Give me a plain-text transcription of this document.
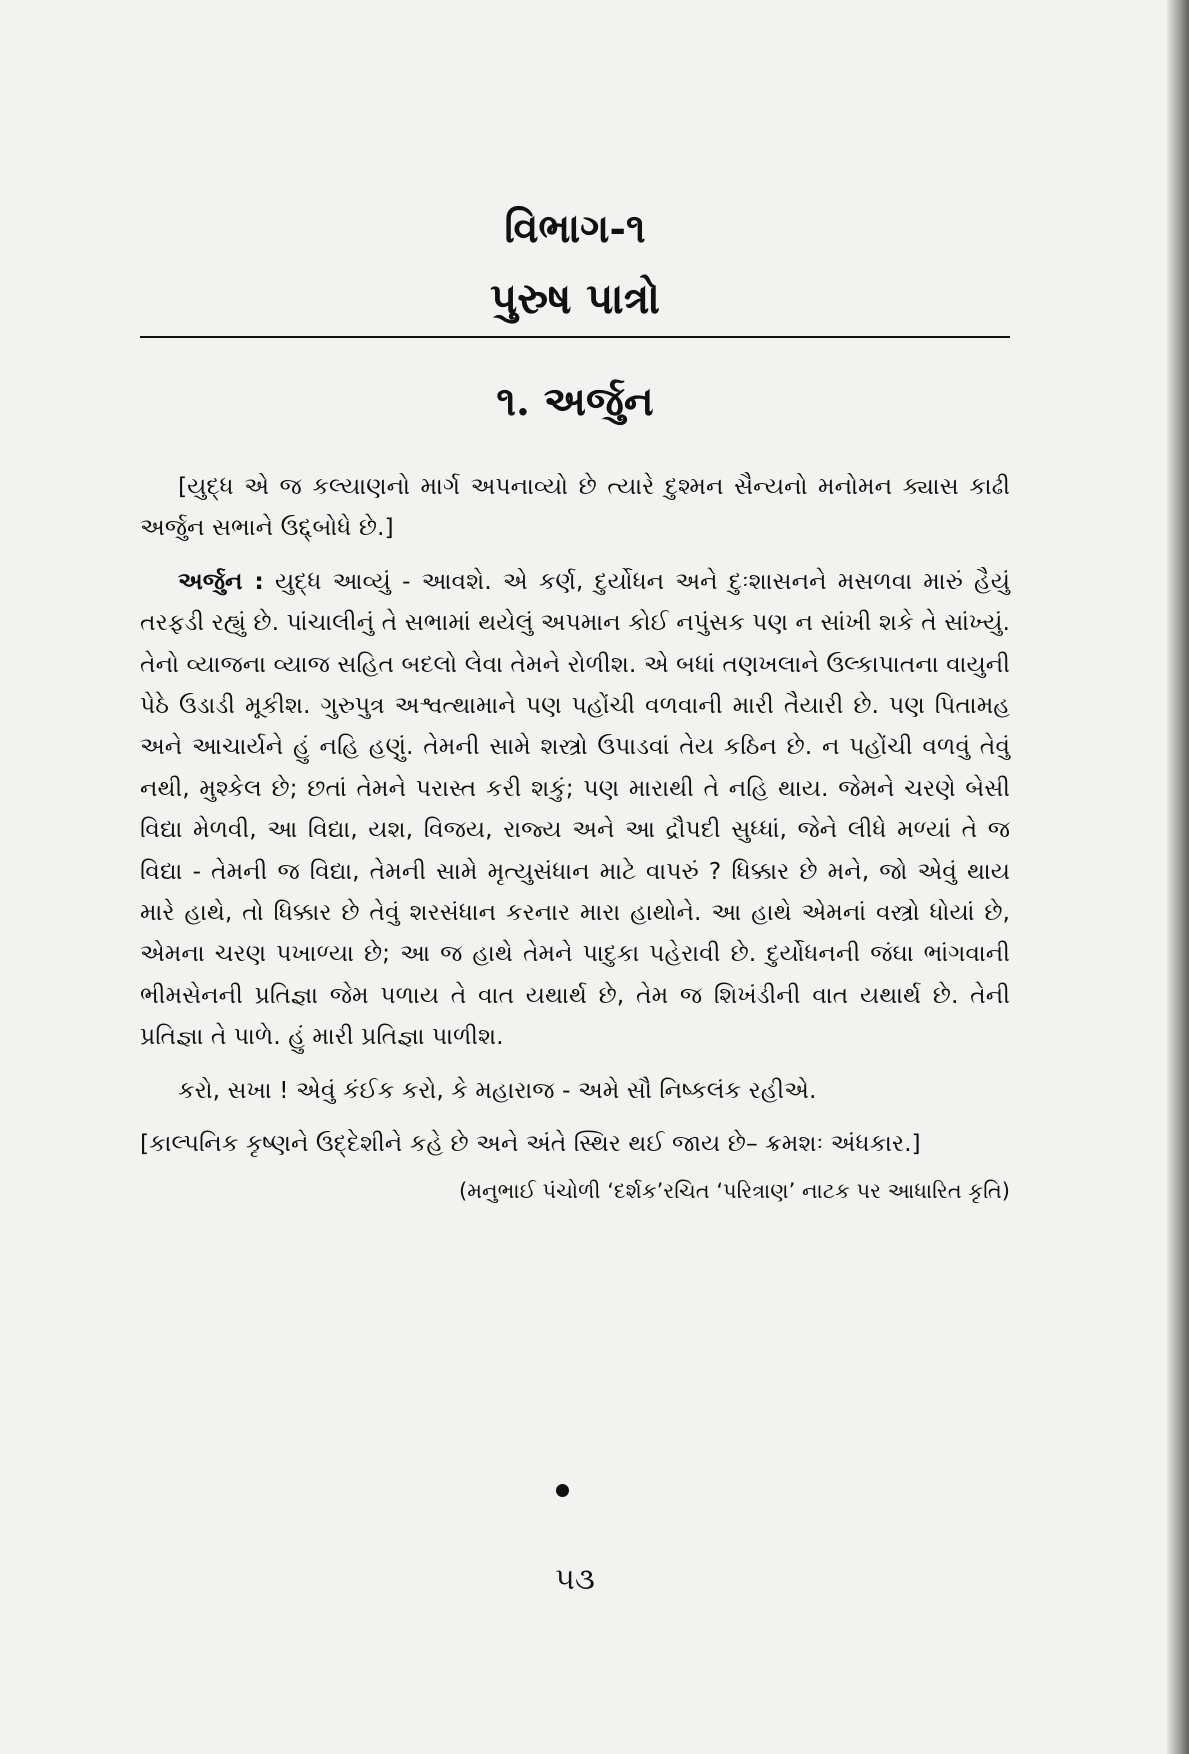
વિભાગ-૧
પુરુષ પાત્રો
૧. અર્જુન

[યુદ્ધ એ જ કલ્યાણનો માર્ગ અપનાવ્યો છે ત્યારે દુશ્મન સૈન્યનો મનોમન ક્યાસ કાઢી અર્જુન સભાને ઉદ્દ્બોધે છે.]

અર્જુન : યુદ્ધ આવ્યું - આવશે. એ કર્ણ, દુર્યોધન અને દુઃશાસનને મસળવા મારું હૈયું તરફડી રહ્યું છે. પાંચાલીનું તે સભામાં થયેલું અપમાન કોઈ નપુંસક પણ ન સાંખી શકે તે સાંખ્યું. તેનો વ્યાજના વ્યાજ સહિત બદલો લેવા તેમને રોળીશ. એ બધાં તણખલાને ઉલ્કાપાતના વાયુની પેઠે ઉડાડી મૂકીશ. ગુરુપુત્ર અશ્વત્થામાને પણ પહોંચી વળવાની મારી તૈયારી છે. પણ પિતામહ અને આચાર્યને હું નહિ હણું. તેમની સામે શસ્ત્રો ઉપાડવાં તેય કઠિન છે. ન પહોંચી વળવું તેવું નથી, મુશ્કેલ છે; છતાં તેમને પરાસ્ત કરી શકું; પણ મારાથી તે નહિ થાય. જેમને ચરણે બેસી વિદ્યા મેળવી, આ વિદ્યા, યશ, વિજય, રાજ્ય અને આ દ્રૌપદી સુધ્ધાં, જેને લીધે મળ્યાં તે જ વિદ્યા - તેમની જ વિદ્યા, તેમની સામે મૃત્યુસંધાન માટે વાપરું ? ધિક્કાર છે મને, જો એવું થાય મારે હાથે, તો ધિક્કાર છે તેવું શરસંધાન કરનાર મારા હાથોને. આ હાથે એમનાં વસ્ત્રો ધોયાં છે, એમના ચરણ પખાળ્યા છે; આ જ હાથે તેમને પાદુકા પહેરાવી છે. દુર્યોધનની જંઘા ભાંગવાની ભીમસેનની પ્રતિજ્ઞા જેમ પળાય તે વાત યથાર્થ છે, તેમ જ શિખંડીની વાત યથાર્થ છે. તેની પ્રતિજ્ઞા તે પાળે. હું મારી પ્રતિજ્ઞા પાળીશ.

કરો, સખા ! એવું કંઈક કરો, કે મહારાજ - અમે સૌ નિષ્કલંક રહીએ.

[કાલ્પનિક કૃષ્ણને ઉદ્દેશીને કહે છે અને અંતે સ્થિર થઈ જાય છે– ક્રમશઃ અંધકાર.]

(મનુભાઈ પંચોળી ‘દર્શક’રચિત ‘પરિત્રાણ’ નાટક પર આધારિત કૃતિ)

૫૩
